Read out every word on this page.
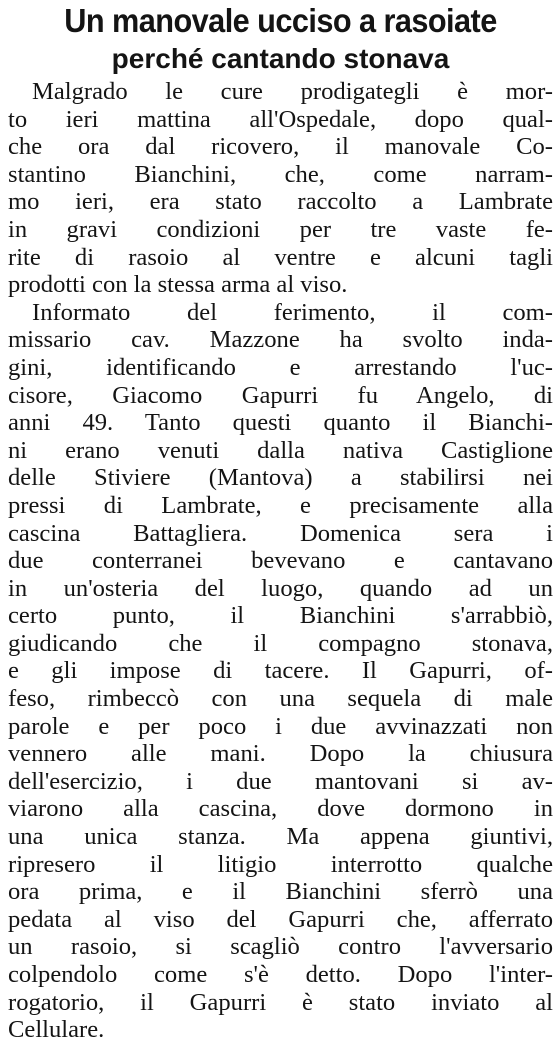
Un manovale ucciso a rasoiate
perché cantando stonava
Malgrado le cure prodigategli è mor-
to ieri mattina all'Ospedale, dopo qual-
che ora dal ricovero, il manovale Co-
stantino Bianchini, che, come narram-
mo ieri, era stato raccolto a Lambrate
in gravi condizioni per tre vaste fe-
rite di rasoio al ventre e alcuni tagli
prodotti con la stessa arma al viso.
Informato del ferimento, il com-
missario cav. Mazzone ha svolto inda-
gini, identificando e arrestando l'uc-
cisore, Giacomo Gapurri fu Angelo, di
anni 49. Tanto questi quanto il Bianchi-
ni erano venuti dalla nativa Castiglione
delle Stiviere (Mantova) a stabilirsi nei
pressi di Lambrate, e precisamente alla
cascina Battagliera. Domenica sera i
due conterranei bevevano e cantavano
in un'osteria del luogo, quando ad un
certo punto, il Bianchini s'arrabbiò,
giudicando che il compagno stonava,
e gli impose di tacere. Il Gapurri, of-
feso, rimbeccò con una sequela di male
parole e per poco i due avvinazzati non
vennero alle mani. Dopo la chiusura
dell'esercizio, i due mantovani si av-
viarono alla cascina, dove dormono in
una unica stanza. Ma appena giuntivi,
ripresero il litigio interrotto qualche
ora prima, e il Bianchini sferrò una
pedata al viso del Gapurri che, afferrato
un rasoio, si scagliò contro l'avversario
colpendolo come s'è detto. Dopo l'inter-
rogatorio, il Gapurri è stato inviato al
Cellulare.
